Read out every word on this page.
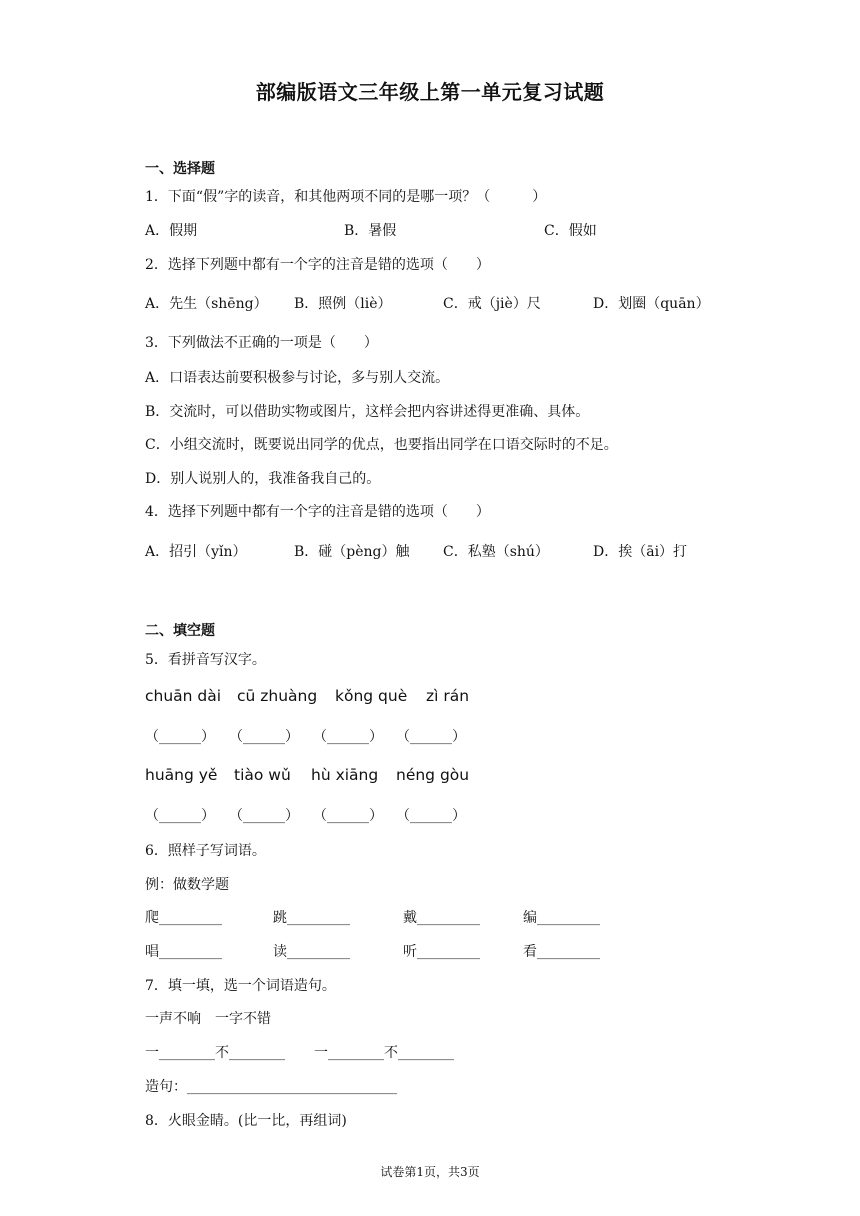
部编版语文三年级上第一单元复习试题
一、选择题
1．下面“假”字的读音，和其他两项不同的是哪一项？（　　　）
A．假期	B．暑假	C．假如
2．选择下列题中都有一个字的注音是错的选项（　　）
A．先生（shēng） B．照例（liè）	C．戒（jiè）尺	D．划圈（quān）
3．下列做法不正确的一项是（　　）
A．口语表达前要积极参与讨论，多与别人交流。
B．交流时，可以借助实物或图片，这样会把内容讲述得更准确、具体。
C．小组交流时，既要说出同学的优点，也要指出同学在口语交际时的不足。
D．别人说别人的，我准备我自己的。
4．选择下列题中都有一个字的注音是错的选项（　　）
A．招引（yǐn）	B．碰（pèng）触 C．私塾（shú）	D．挨（āi）打
二、填空题
5．看拼音写汉字。
chuān dài cū zhuàng kǒng què zì rán
（______） （______） （______） （______）
huāng yě tiào wǔ hù xiāng néng gòu
（______） （______） （______） （______）
6．照样子写词语。
例：做数学题
爬_________	跳_________	戴_________	编_________
唱_________	读_________	听_________	看_________
7．填一填，选一个词语造句。
一声不响　一字不错
一________不________ 一________不________
造句：______________________________
8．火眼金睛。(比一比，再组词)
试卷第1页，共3页
